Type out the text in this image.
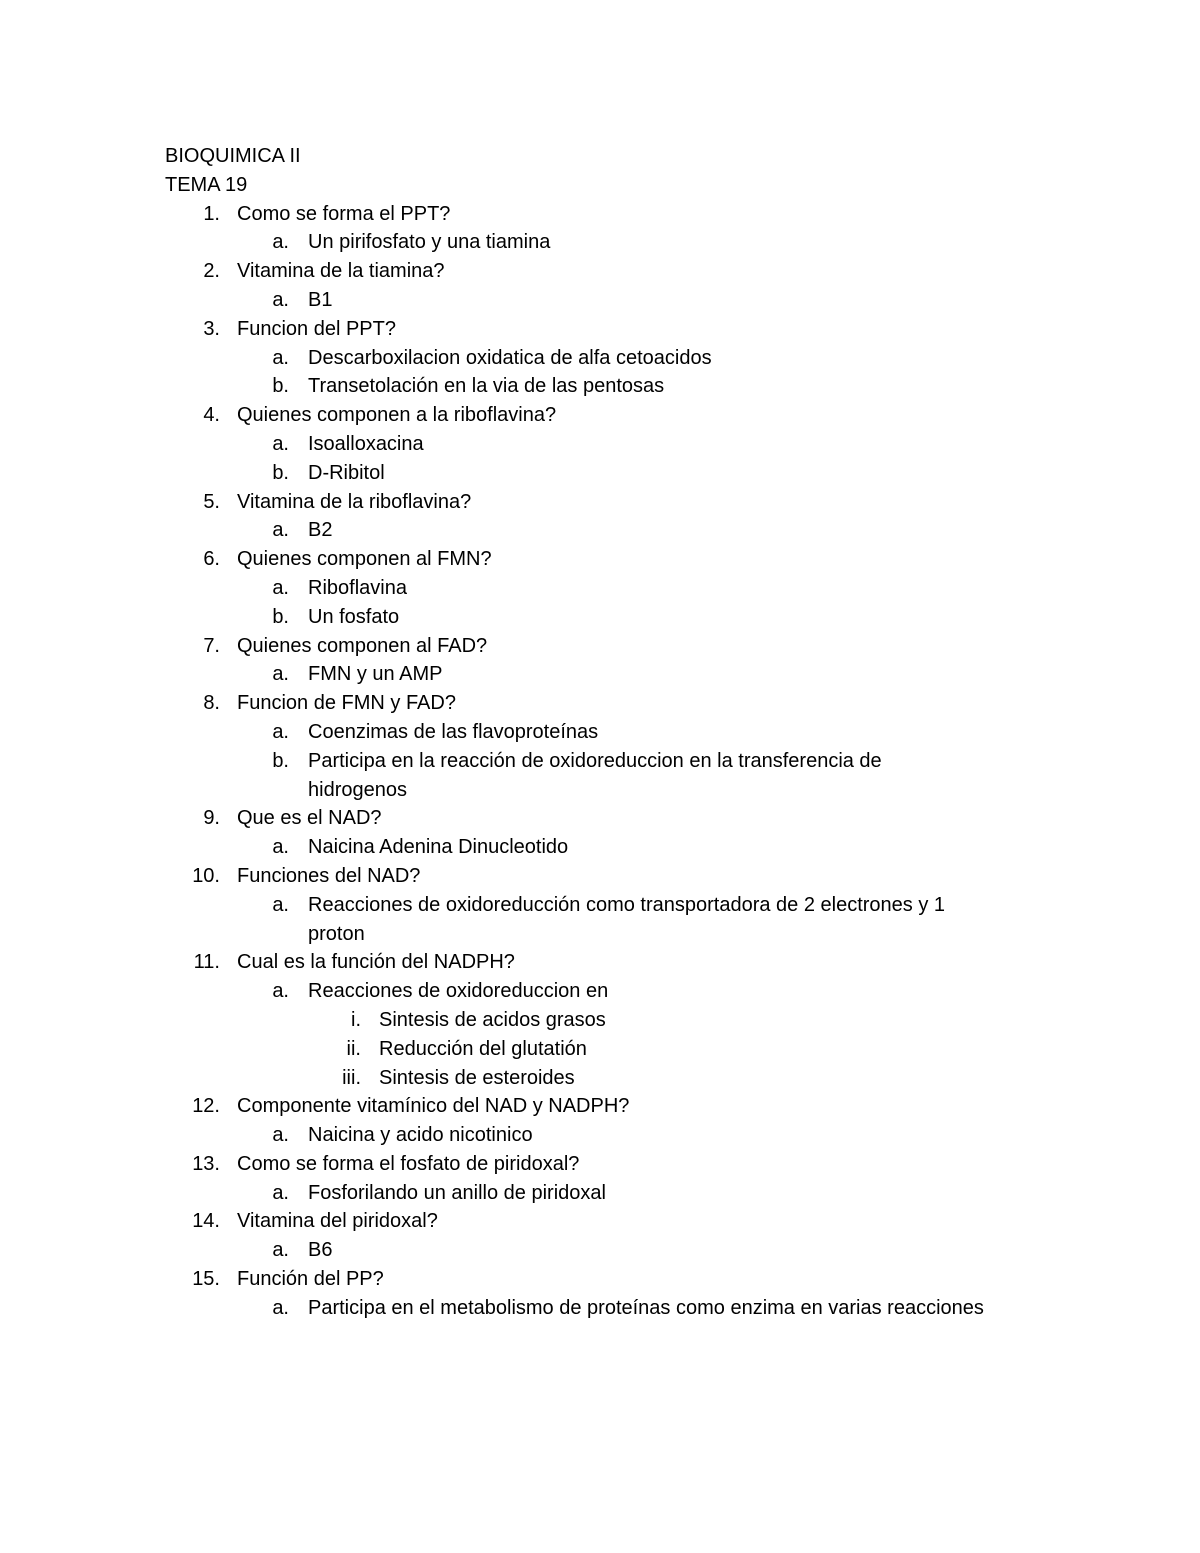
BIOQUIMICA II
TEMA 19
1. Como se forma el PPT?
a. Un pirifosfato y una tiamina
2. Vitamina de la tiamina?
a. B1
3. Funcion del PPT?
a. Descarboxilacion oxidatica de alfa cetoacidos
b. Transetolación en la via de las pentosas
4. Quienes componen a la riboflavina?
a. Isoalloxacina
b. D-Ribitol
5. Vitamina de la riboflavina?
a. B2
6. Quienes componen al FMN?
a. Riboflavina
b. Un fosfato
7. Quienes componen al FAD?
a. FMN y un AMP
8. Funcion de FMN y FAD?
a. Coenzimas de las flavoproteínas
b. Participa en la reacción de oxidoreduccion en la transferencia de
hidrogenos
9. Que es el NAD?
a. Naicina Adenina Dinucleotido
10. Funciones del NAD?
a. Reacciones de oxidoreducción como transportadora de 2 electrones y 1
proton
11. Cual es la función del NADPH?
a. Reacciones de oxidoreduccion en
i. Sintesis de acidos grasos
ii. Reducción del glutatión
iii. Sintesis de esteroides
12. Componente vitamínico del NAD y NADPH?
a. Naicina y acido nicotinico
13. Como se forma el fosfato de piridoxal?
a. Fosforilando un anillo de piridoxal
14. Vitamina del piridoxal?
a. B6
15. Función del PP?
a. Participa en el metabolismo de proteínas como enzima en varias reacciones
